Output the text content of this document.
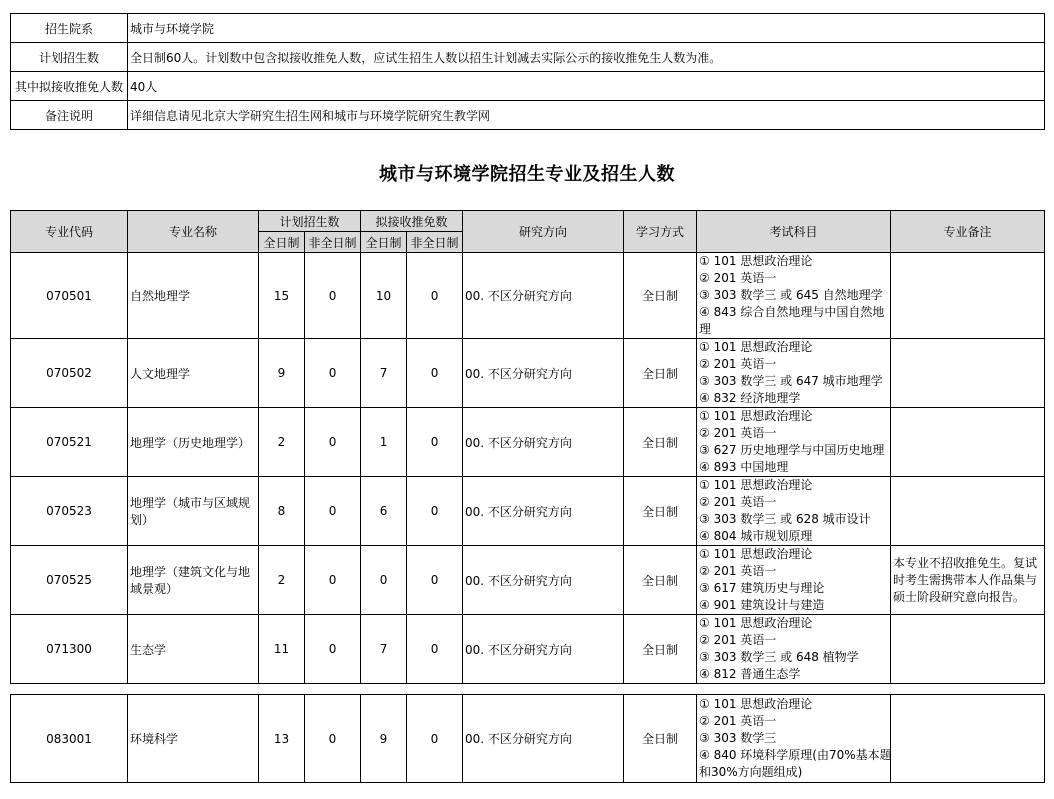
招生院系	城市与环境学院
计划招生数	全日制60人。计划数中包含拟接收推免人数，应试生招生人数以招生计划减去实际公示的接收推免生人数为准。
其中拟接收推免人数	40人
备注说明	详细信息请见北京大学研究生招生网和城市与环境学院研究生教学网
城市与环境学院招生专业及招生人数
专业代码	专业名称	计划招生数		拟接收推免数		研究方向	学习方式	考试科目	专业备注
		全日制	非全日制	全日制	非全日制				
070501	自然地理学	15	0	10	0	00. 不区分研究方向	全日制	① 101 思想政治理论
② 201 英语一
③ 303 数学三 或 645 自然地理学
④ 843 综合自然地理与中国自然地
理	

070502	人文地理学	9	0	7	0	00. 不区分研究方向	全日制	① 101 思想政治理论
② 201 英语一
③ 303 数学三 或 647 城市地理学
④ 832 经济地理学	

070521	地理学（历史地理学）	2	0	1	0	00. 不区分研究方向	全日制	① 101 思想政治理论
② 201 英语一
③ 627 历史地理学与中国历史地理
④ 893 中国地理	

070523	地理学（城市与区域规划）	8	0	6	0	00. 不区分研究方向	全日制	① 101 思想政治理论
② 201 英语一
③ 303 数学三 或 628 城市设计
④ 804 城市规划原理	

070525	地理学（建筑文化与地域景观）	2	0	0	0	00. 不区分研究方向	全日制	① 101 思想政治理论
② 201 英语一
③ 617 建筑历史与理论
④ 901 建筑设计与建造	本专业不招收推免生。复试时考生需携带本人作品集与硕士阶段研究意向报告。
071300	生态学	11	0	7	0	00. 不区分研究方向	全日制	① 101 思想政治理论
② 201 英语一
③ 303 数学三 或 648 植物学
④ 812 普通生态学	

083001	环境科学	13	0	9	0	00. 不区分研究方向	全日制	
① 101 思想政治理论
② 201 英语一
③ 303 数学三
④ 840 环境科学原理(由70%基本题
和30%方向题组成)
